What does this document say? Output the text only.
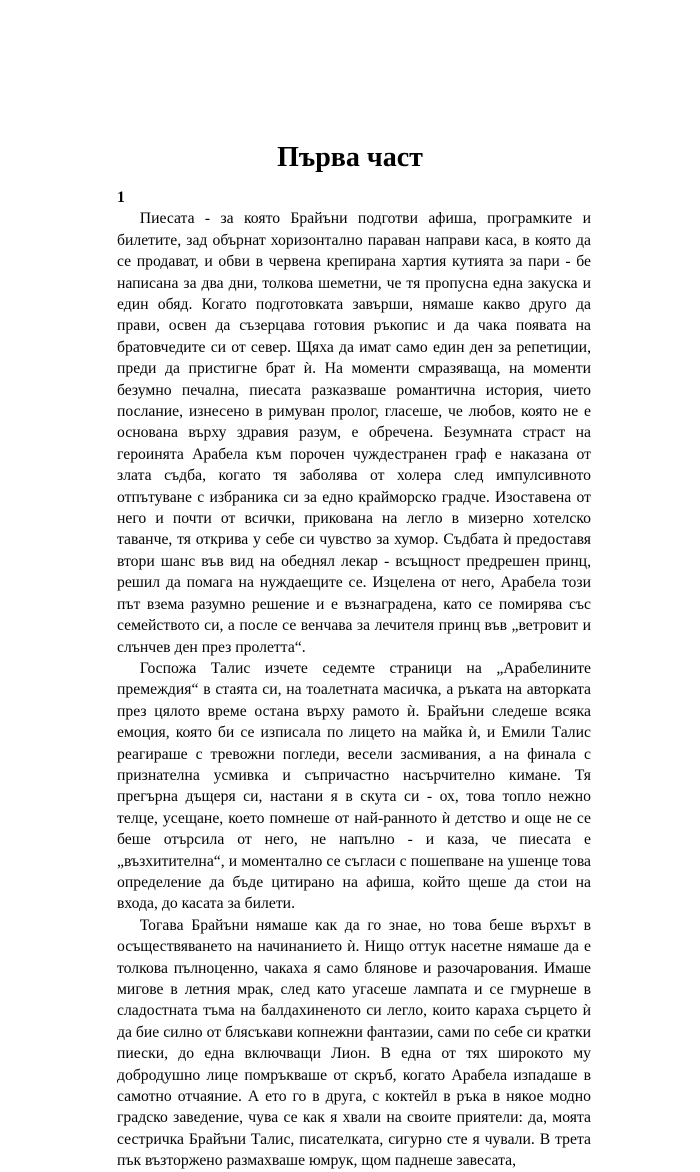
Първа част

1

Пиесата - за която Брайъни подготви афиша, програмките и билетите, зад обърнат хоризонтално параван направи каса, в която да се продават, и обви в червена крепирана хартия кутията за пари - бе написана за два дни, толкова шеметни, че тя пропусна една закуска и един обяд. Когато подготовката завърши, нямаше какво друго да прави, освен да съзерцава готовия ръкопис и да чака появата на братовчедите си от север. Щяха да имат само един ден за репетиции, преди да пристигне брат ѝ. На моменти смразяваща, на моменти безумно печална, пиесата разказваше романтична история, чието послание, изнесено в римуван пролог, гласеше, че любов, която не е основана върху здравия разум, е обречена. Безумната страст на героинята Арабела към порочен чуждестранен граф е наказана от злата съдба, когато тя заболява от холера след импулсивното отпътуване с избраника си за едно крайморско градче. Изоставена от него и почти от всички, прикована на легло в мизерно хотелско таванче, тя открива у себе си чувство за хумор. Съдбата ѝ предоставя втори шанс във вид на обеднял лекар - всъщност предрешен принц, решил да помага на нуждаещите се. Изцелена от него, Арабела този път взема разумно решение и е възнаградена, като се помирява със семейството си, а после се венчава за лечителя принц във „ветровит и слънчев ден през пролетта“.

Госпожа Талис изчете седемте страници на „Арабелините премеждия“ в стаята си, на тоалетната масичка, а ръката на авторката през цялото време остана върху рамото ѝ. Брайъни следеше всяка емоция, която би се изписала по лицето на майка ѝ, и Емили Талис реагираше с тревожни погледи, весели засмивания, а на финала с признателна усмивка и съпричастно насърчително кимане. Тя прегърна дъщеря си, настани я в скута си - ох, това топло нежно телце, усещане, което помнеше от най-ранното ѝ детство и още не се беше отърсила от него, не напълно - и каза, че пиесата е „възхитителна“, и моментално се съгласи с пошепване на ушенце това определение да бъде цитирано на афиша, който щеше да стои на входа, до касата за билети.

Тогава Брайъни нямаше как да го знае, но това беше върхът в осъществяването на начинанието ѝ. Нищо оттук насетне нямаше да е толкова пълноценно, чакаха я само блянове и разочарования. Имаше мигове в летния мрак, след като угасеше лампата и се гмурнеше в сладостната тъма на балдахиненото си легло, които караха сърцето ѝ да бие силно от блясъкави копнежни фантазии, сами по себе си кратки пиески, до една включващи Лион. В една от тях широкото му добродушно лице помръкваше от скръб, когато Арабела изпадаше в самотно отчаяние. А ето го в друга, с коктейл в ръка в някое модно градско заведение, чува се как я хвали на своите приятели: да, моята сестричка Брайъни Талис, писателката, сигурно сте я чували. В трета пък възторжено размахваше юмрук, щом паднеше завесата,
